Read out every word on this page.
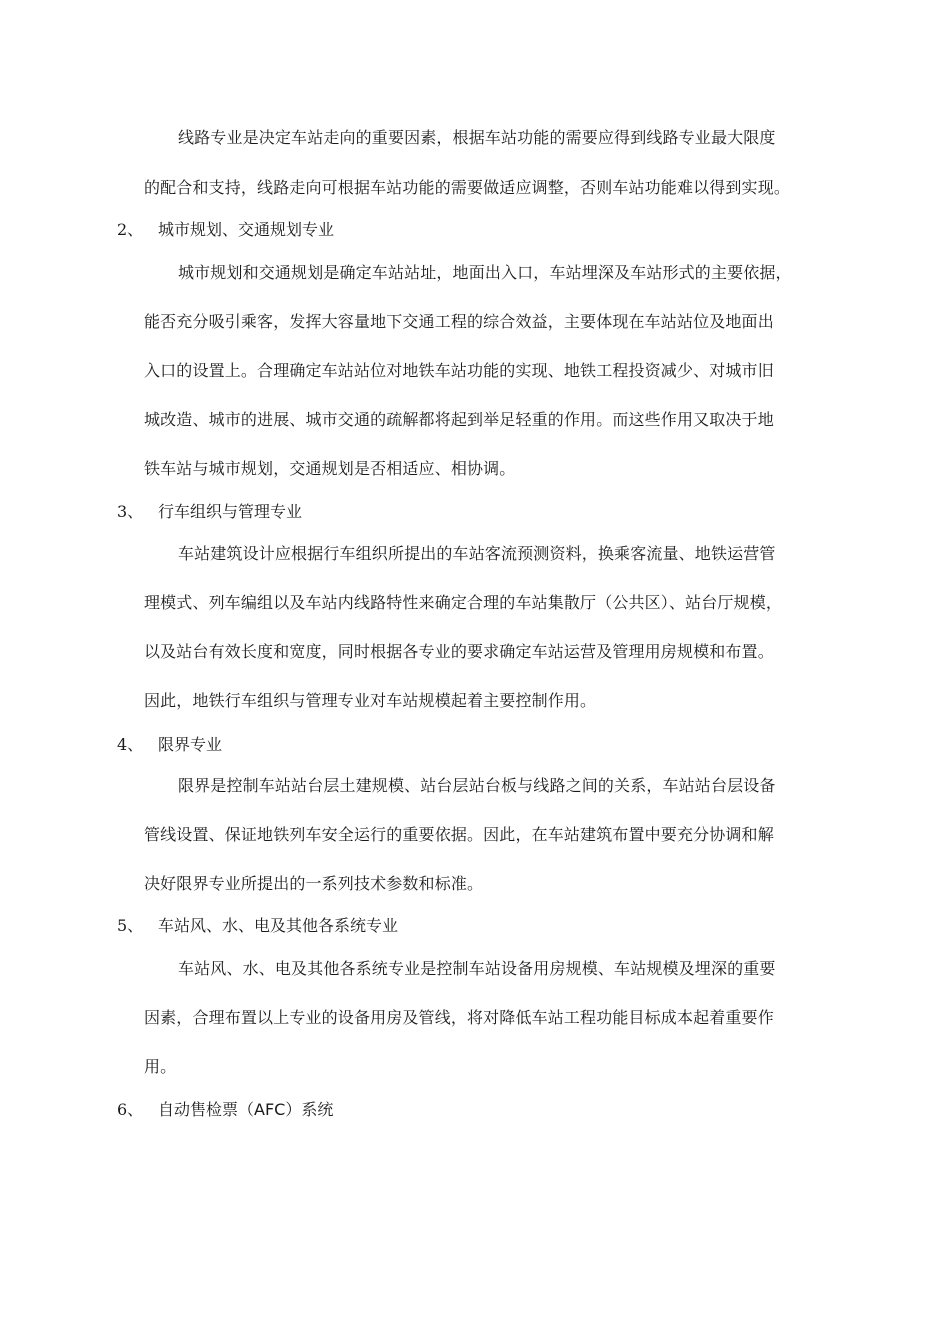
线路专业是决定车站走向的重要因素，根据车站功能的需要应得到线路专业最大限度
的配合和支持，线路走向可根据车站功能的需要做适应调整，否则车站功能难以得到实现。
2、 城市规划、交通规划专业
城市规划和交通规划是确定车站站址，地面出入口，车站埋深及车站形式的主要依据，
能否充分吸引乘客，发挥大容量地下交通工程的综合效益，主要体现在车站站位及地面出
入口的设置上。合理确定车站站位对地铁车站功能的实现、地铁工程投资减少、对城市旧
城改造、城市的进展、城市交通的疏解都将起到举足轻重的作用。而这些作用又取决于地
铁车站与城市规划，交通规划是否相适应、相协调。
3、 行车组织与管理专业
车站建筑设计应根据行车组织所提出的车站客流预测资料，换乘客流量、地铁运营管
理模式、列车编组以及车站内线路特性来确定合理的车站集散厅（公共区）、站台厅规模，
以及站台有效长度和宽度，同时根据各专业的要求确定车站运营及管理用房规模和布置。
因此，地铁行车组织与管理专业对车站规模起着主要控制作用。
4、 限界专业
限界是控制车站站台层土建规模、站台层站台板与线路之间的关系，车站站台层设备
管线设置、保证地铁列车安全运行的重要依据。因此，在车站建筑布置中要充分协调和解
决好限界专业所提出的一系列技术参数和标准。
5、 车站风、水、电及其他各系统专业
车站风、水、电及其他各系统专业是控制车站设备用房规模、车站规模及埋深的重要
因素，合理布置以上专业的设备用房及管线，将对降低车站工程功能目标成本起着重要作
用。
6、 自动售检票（AFC）系统
